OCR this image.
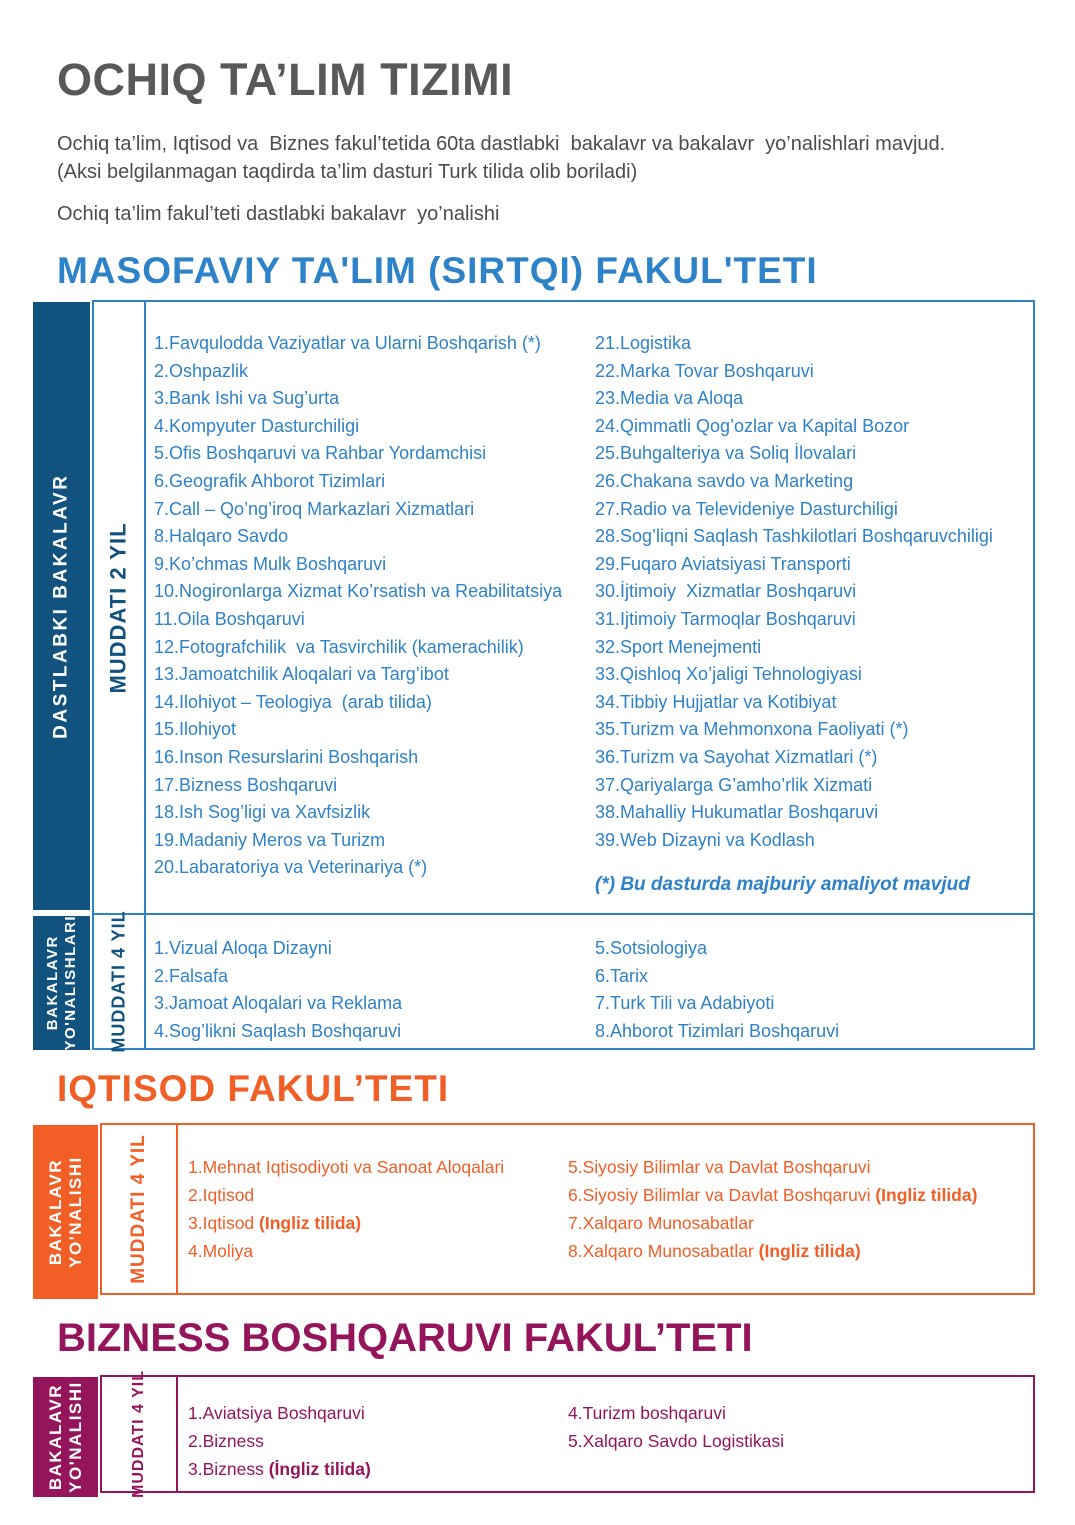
OCHIQ TA’LIM TIZIMI
Ochiq ta’lim, Iqtisod va  Biznes fakul’tetida 60ta dastlabki  bakalavr va bakalavr  yo’nalishlari mavjud.
(Aksi belgilanmagan taqdirda ta’lim dasturi Turk tilida olib boriladi)
Ochiq ta’lim fakul’teti dastlabki bakalavr  yo’nalishi
MASOFAVIY TA'LIM (SIRTQI) FAKUL'TETI
DASTLABKI BAKALAVR
BAKALAVR YO'NALISHLARI
MUDDATI 2 YIL
1.Favqulodda Vaziyatlar va Ularni Boshqarish (*)
2.Oshpazlik
3.Bank Ishi va Sug’urta
4.Kompyuter Dasturchiligi
5.Ofis Boshqaruvi va Rahbar Yordamchisi
6.Geografik Ahborot Tizimlari
7.Call – Qo’ng’iroq Markazlari Xizmatlari
8.Halqaro Savdo
9.Ko’chmas Mulk Boshqaruvi
10.Nogironlarga Xizmat Ko’rsatish va Reabilitatsiya
11.Oila Boshqaruvi
12.Fotografchilik  va Tasvirchilik (kamerachilik)
13.Jamoatchilik Aloqalari va Targ’ibot
14.Ilohiyot – Teologiya  (arab tilida)
15.Ilohiyot
16.Inson Resurslarini Boshqarish
17.Bizness Boshqaruvi
18.Ish Sog’ligi va Xavfsizlik
19.Madaniy Meros va Turizm
20.Labaratoriya va Veterinariya (*)
21.Logistika
22.Marka Tovar Boshqaruvi
23.Media va Aloqa
24.Qimmatli Qog’ozlar va Kapital Bozor
25.Buhgalteriya va Soliq İlovalari
26.Chakana savdo va Marketing
27.Radio va Televideniye Dasturchiligi
28.Sog’liqni Saqlash Tashkilotlari Boshqaruvchiligi
29.Fuqaro Aviatsiyasi Transporti
30.İjtimoiy  Xizmatlar Boshqaruvi
31.Ijtimoiy Tarmoqlar Boshqaruvi
32.Sport Menejmenti
33.Qishloq Xo’jaligi Tehnologiyasi
34.Tibbiy Hujjatlar va Kotibiyat
35.Turizm va Mehmonxona Faoliyati (*)
36.Turizm va Sayohat Xizmatlari (*)
37.Qariyalarga G’amho’rlik Xizmati
38.Mahalliy Hukumatlar Boshqaruvi
39.Web Dizayni va Kodlash
(*) Bu dasturda majburiy amaliyot mavjud
MUDDATI 4 YIL 1.Vizual Aloqa Dizayni
2.Falsafa
3.Jamoat Aloqalari va Reklama
4.Sog’likni Saqlash Boshqaruvi
5.Sotsiologiya
6.Tarix
7.Turk Tili va Adabiyoti
8.Ahborot Tizimlari Boshqaruvi
IQTISOD FAKUL’TETI
BAKALAVR YO'NALISHI MUDDATI 4 YIL 1.Mehnat Iqtisodiyoti va Sanoat Aloqalari
2.Iqtisod
3.Iqtisod (Ingliz tilida)
4.Moliya
5.Siyosiy Bilimlar va Davlat Boshqaruvi
6.Siyosiy Bilimlar va Davlat Boshqaruvi (Ingliz tilida)
7.Xalqaro Munosabatlar
8.Xalqaro Munosabatlar (Ingliz tilida)
BIZNESS BOSHQARUVI FAKUL’TETI
BAKALAVR YO'NALISHI	MUDDATI 4 YIL 1.Aviatsiya Boshqaruvi
2.Bizness
3.Bizness (İngliz tilida)
4.Turizm boshqaruvi
5.Xalqaro Savdo Logistikasi
